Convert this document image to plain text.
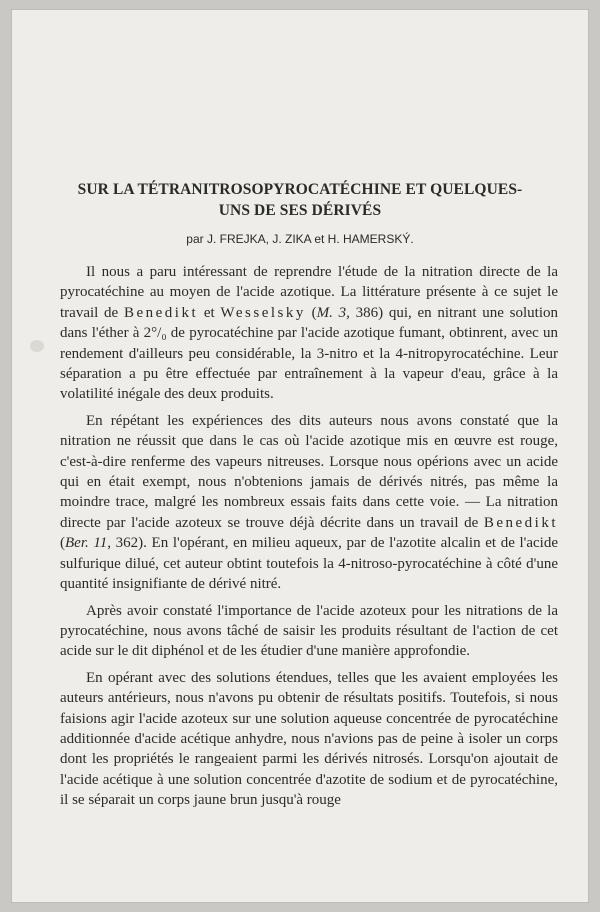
SUR LA TÉTRANITROSOPYROCATÉCHINE ET QUELQUES-
UNS DE SES DÉRIVÉS
par J. FREJKA, J. ZIKA et H. HAMERSKÝ.

Il nous a paru intéressant de reprendre l'étude de la nitration directe de la pyrocatéchine au moyen de l'acide azotique. La littérature présente à ce sujet le travail de Benedikt et Wesselsky (M. 3, 386) qui, en nitrant une solution dans l'éther à 2°/₀ de pyrocatéchine par l'acide azotique fumant, obtinrent, avec un rendement d'ailleurs peu considérable, la 3-nitro et la 4-nitropyrocatéchine. Leur séparation a pu être effectuée par entraînement à la vapeur d'eau, grâce à la volatilité inégale des deux produits.

En répétant les expériences des dits auteurs nous avons constaté que la nitration ne réussit que dans le cas où l'acide azotique mis en œuvre est rouge, c'est-à-dire renferme des vapeurs nitreuses. Lorsque nous opérions avec un acide qui en était exempt, nous n'obtenions jamais de dérivés nitrés, pas même la moindre trace, malgré les nombreux essais faits dans cette voie. — La nitration directe par l'acide azoteux se trouve déjà décrite dans un travail de Benedikt (Ber. 11, 362). En l'opérant, en milieu aqueux, par de l'azotite alcalin et de l'acide sulfurique dilué, cet auteur obtint toutefois la 4-nitroso-pyrocatéchine à côté d'une quantité insignifiante de dérivé nitré.

Après avoir constaté l'importance de l'acide azoteux pour les nitrations de la pyrocatéchine, nous avons tâché de saisir les produits résultant de l'action de cet acide sur le dit diphénol et de les étudier d'une manière approfondie.

En opérant avec des solutions étendues, telles que les avaient employées les auteurs antérieurs, nous n'avons pu obtenir de résultats positifs. Toutefois, si nous faisions agir l'acide azoteux sur une solution aqueuse concentrée de pyrocatéchine additionnée d'acide acétique anhydre, nous n'avions pas de peine à isoler un corps dont les propriétés le rangeaient parmi les dérivés nitrosés. Lorsqu'on ajoutait de l'acide acétique à une solution concentrée d'azotite de sodium et de pyrocatéchine, il se séparait un corps jaune brun jusqu'à rouge
